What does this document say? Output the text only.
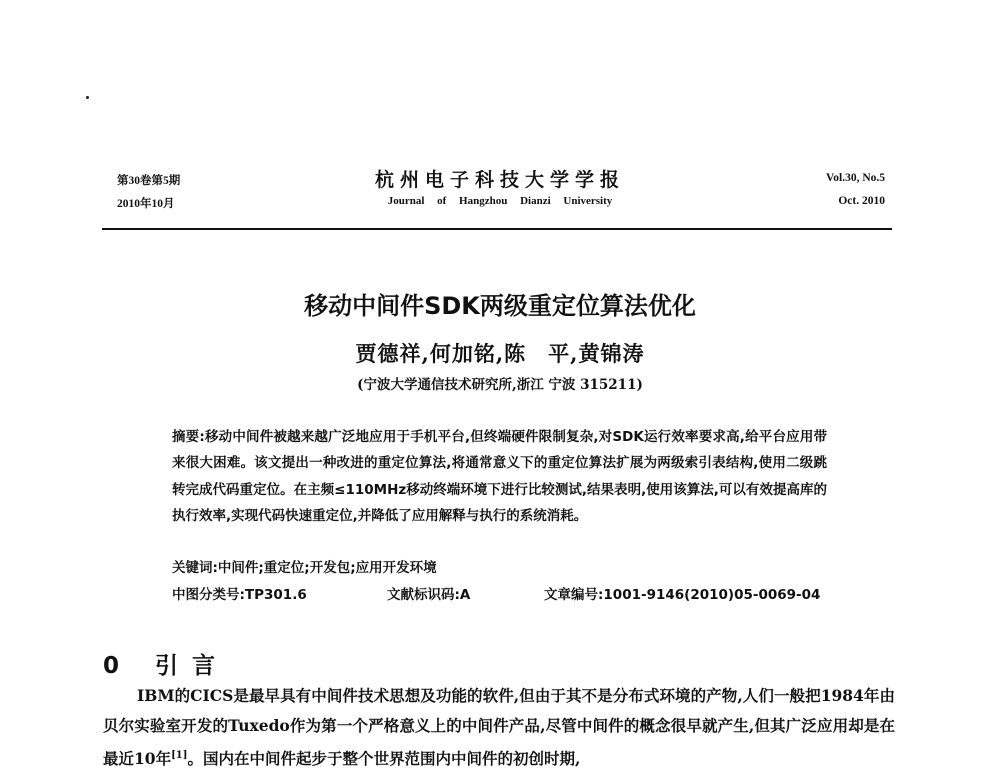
第30卷第5期
2010年10月
杭州电子科技大学学报
Journal of Hangzhou Dianzi University
Vol.30, No.5
Oct. 2010
移动中间件SDK两级重定位算法优化
贾德祥,何加铭,陈　平,黄锦涛
(宁波大学通信技术研究所,浙江 宁波 315211)
摘要:移动中间件被越来越广泛地应用于手机平台,但终端硬件限制复杂,对SDK运行效率要求高,给平台应用带来很大困难。该文提出一种改进的重定位算法,将通常意义下的重定位算法扩展为两级索引表结构,使用二级跳转完成代码重定位。在主频≤110MHz移动终端环境下进行比较测试,结果表明,使用该算法,可以有效提高库的执行效率,实现代码快速重定位,并降低了应用解释与执行的系统消耗。
关键词:中间件;重定位;开发包;应用开发环境
中图分类号:TP301.6	文献标识码:A	文章编号:1001-9146(2010)05-0069-04
0 引言
IBM的CICS是最早具有中间件技术思想及功能的软件,但由于其不是分布式环境的产物,人们一般把1984年由贝尔实验室开发的Tuxedo作为第一个严格意义上的中间件产品,尽管中间件的概念很早就产生,但其广泛应用却是在最近10年[1]。国内在中间件起步于整个世界范围内中间件的初创时期,
